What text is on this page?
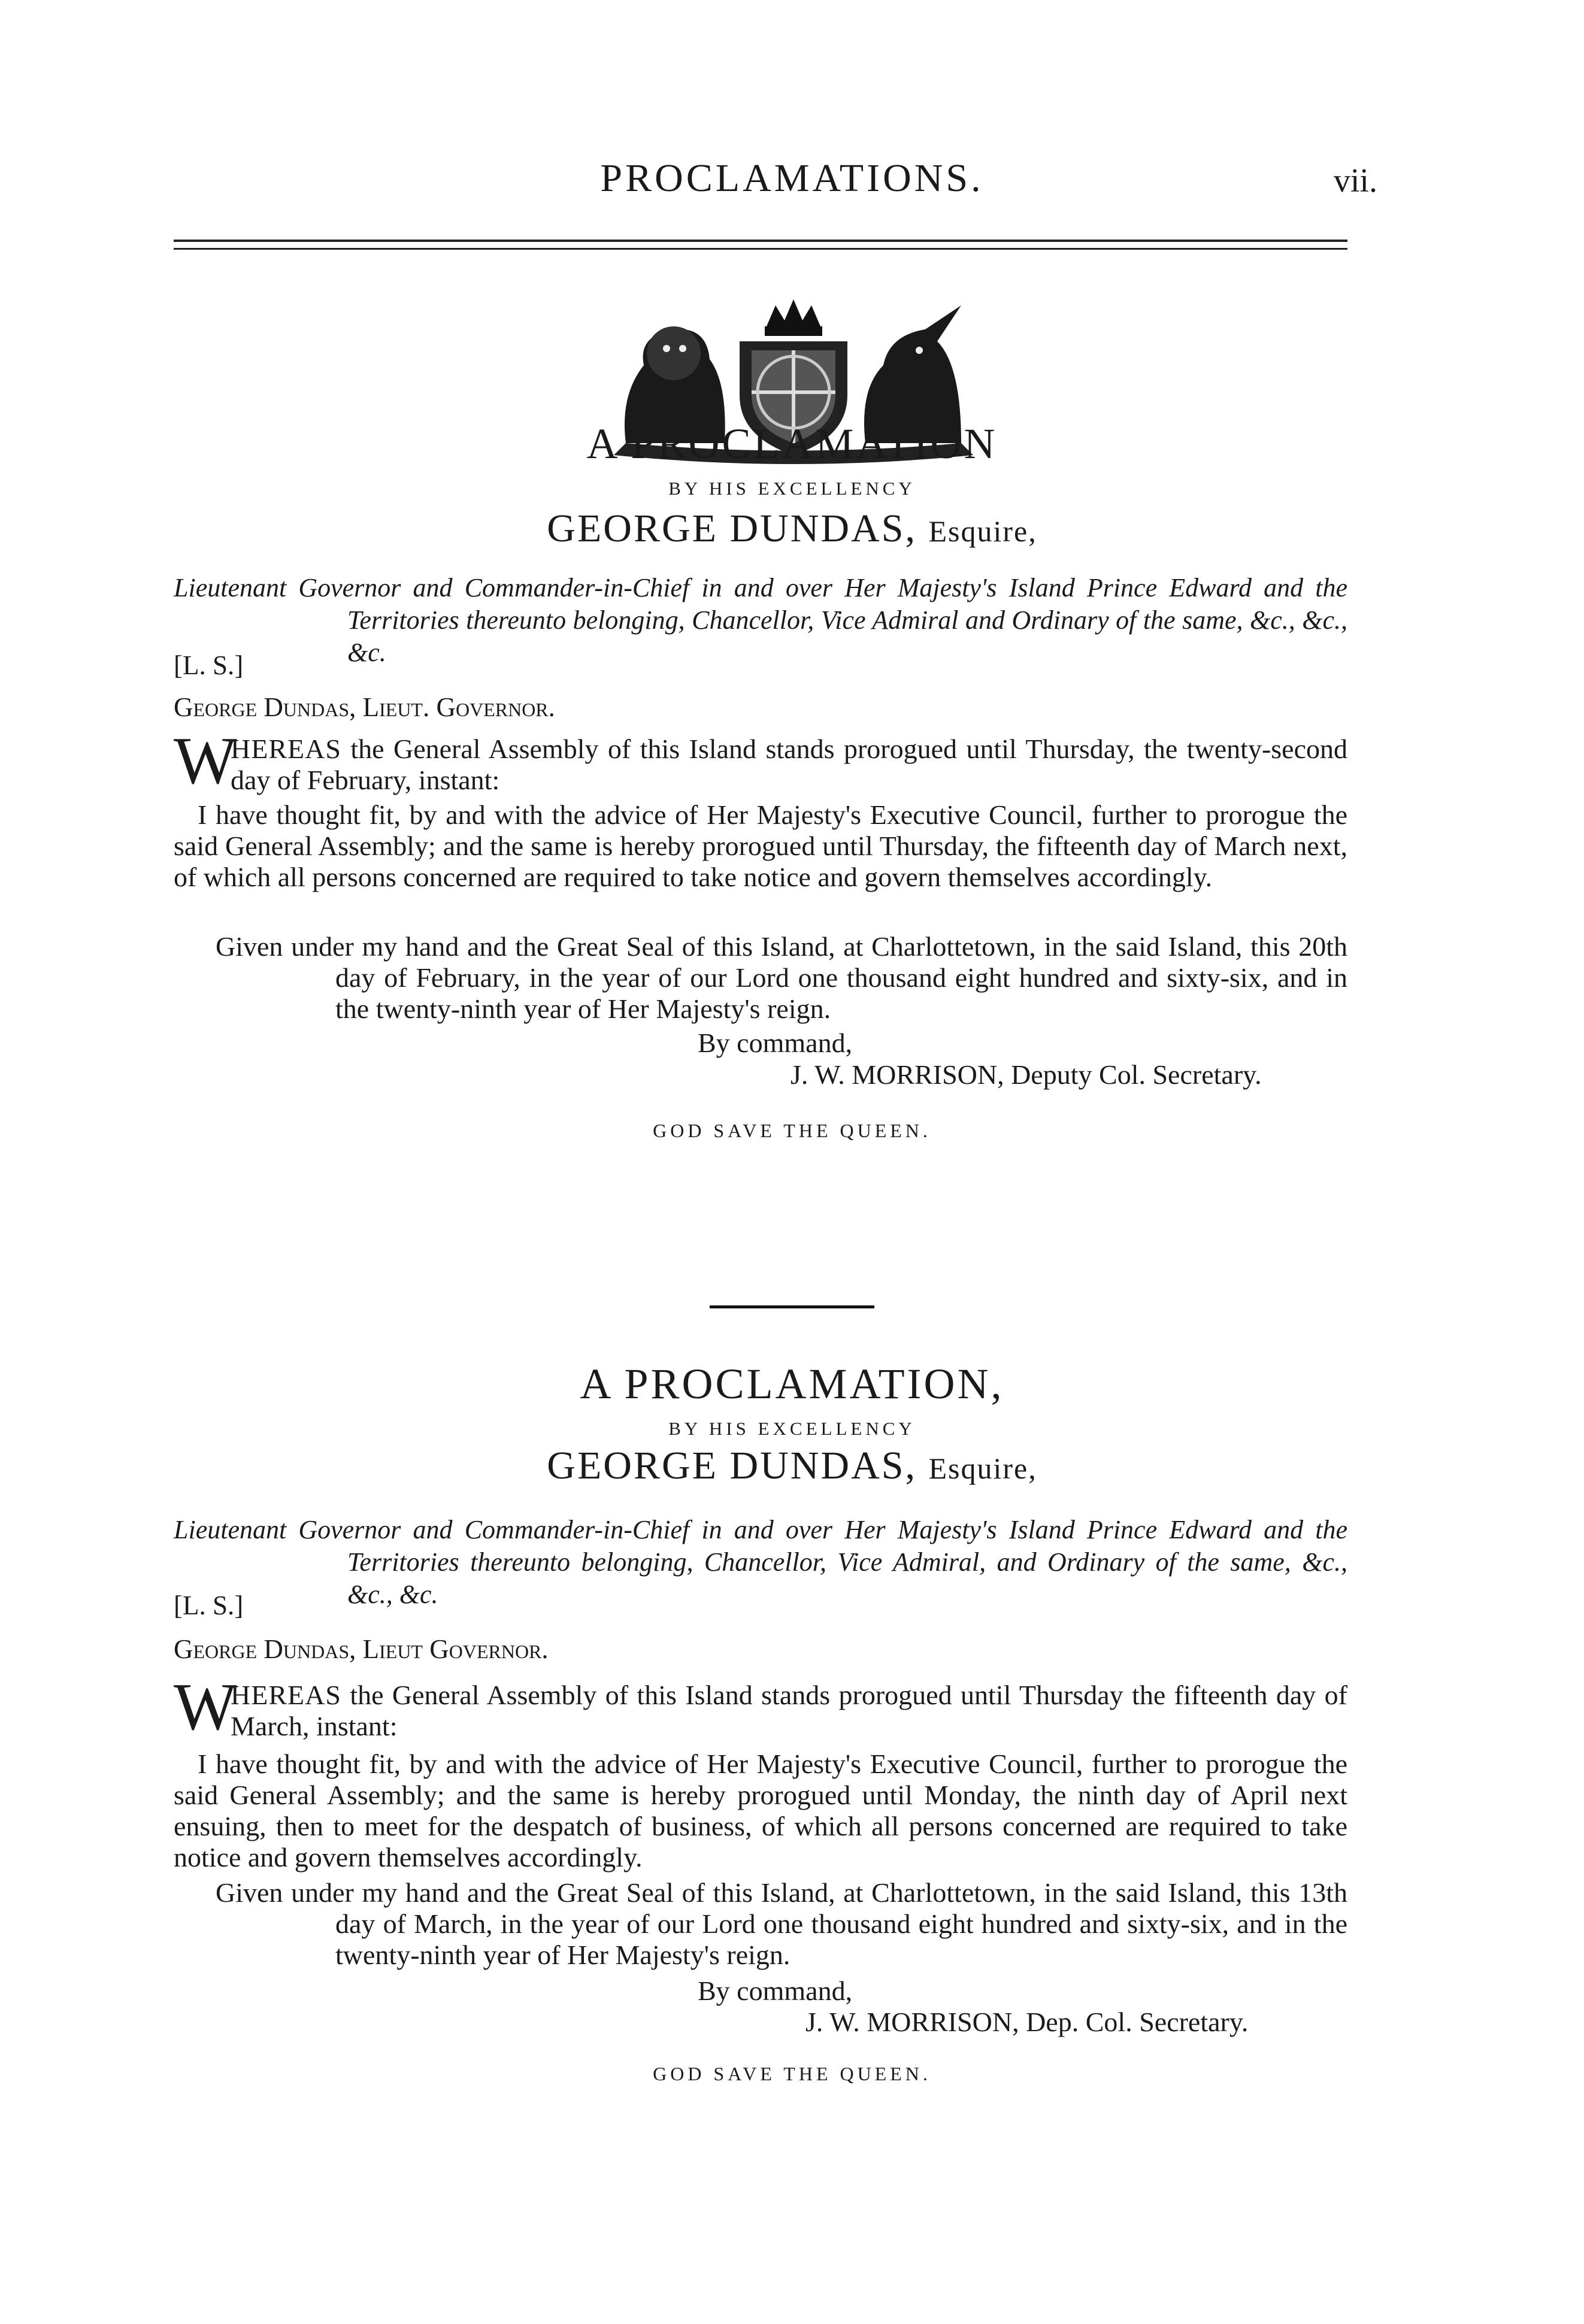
PROCLAMATIONS.	vii.
A PROCLAMATION
BY HIS EXCELLENCY
GEORGE DUNDAS, Esquire,
Lieutenant Governor and Commander-in-Chief in and over Her Majesty's Island Prince Edward and the Territories thereunto belonging, Chancellor, Vice Admiral and Ordinary of the same, &c., &c., &c.
[L. S.]
George Dundas, Lieut. Governor.
W
HEREAS the General Assembly of this Island stands prorogued until Thursday, the twenty-second day of February, instant:
I have thought fit, by and with the advice of Her Majesty's Executive Council, further to prorogue the said General Assembly; and the same is hereby prorogued until Thursday, the fifteenth day of March next, of which all persons concerned are required to take notice and govern themselves accordingly.
Given under my hand and the Great Seal of this Island, at Charlottetown, in the said Island, this 20th day of February, in the year of our Lord one thousand eight hundred and sixty-six, and in the twenty-ninth year of Her Majesty's reign.
By command,
J. W. MORRISON, Deputy Col. Secretary.
GOD SAVE THE QUEEN.
A PROCLAMATION,
BY HIS EXCELLENCY
GEORGE DUNDAS, Esquire,
Lieutenant Governor and Commander-in-Chief in and over Her Majesty's Island Prince Edward and the Territories thereunto belonging, Chancellor, Vice Admiral, and Ordinary of the same, &c., &c., &c.
[L. S.]
George Dundas, Lieut Governor.
W
HEREAS the General Assembly of this Island stands prorogued until Thursday the fifteenth day of March, instant:
I have thought fit, by and with the advice of Her Majesty's Executive Council, further to prorogue the said General Assembly; and the same is hereby prorogued until Monday, the ninth day of April next ensuing, then to meet for the despatch of business, of which all persons concerned are required to take notice and govern themselves accordingly.
Given under my hand and the Great Seal of this Island, at Charlottetown, in the said Island, this 13th day of March, in the year of our Lord one thousand eight hundred and sixty-six, and in the twenty-ninth year of Her Majesty's reign.
By command,
J. W. MORRISON, Dep. Col. Secretary.
GOD SAVE THE QUEEN.
